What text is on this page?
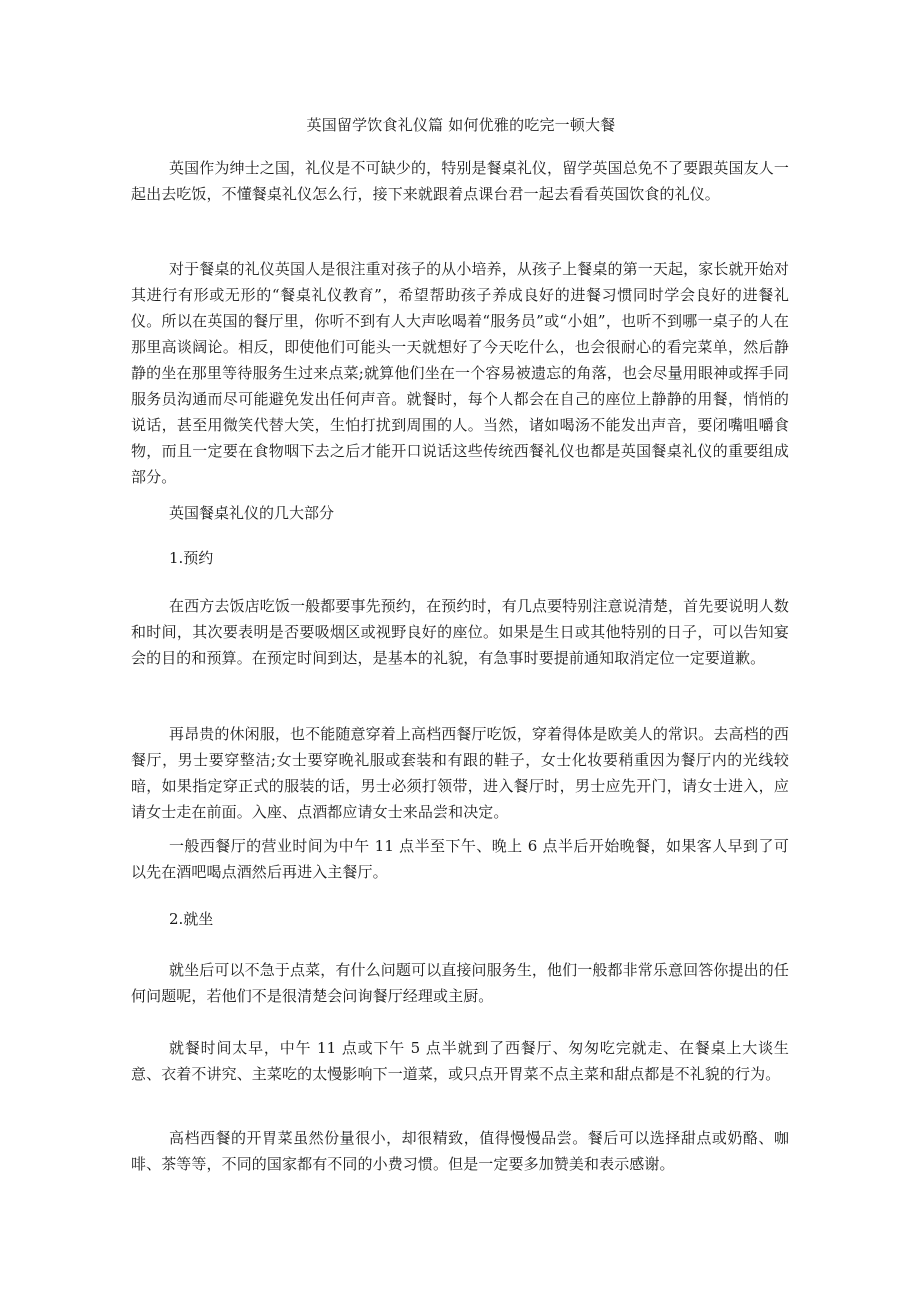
英国留学饮食礼仪篇 如何优雅的吃完一顿大餐

英国作为绅士之国，礼仪是不可缺少的，特别是餐桌礼仪，留学英国总免不了要跟英国友人一起出去吃饭，不懂餐桌礼仪怎么行，接下来就跟着点课台君一起去看看英国饮食的礼仪。

对于餐桌的礼仪英国人是很注重对孩子的从小培养，从孩子上餐桌的第一天起，家长就开始对其进行有形或无形的“餐桌礼仪教育”，希望帮助孩子养成良好的进餐习惯同时学会良好的进餐礼仪。所以在英国的餐厅里，你听不到有人大声吆喝着“服务员”或“小姐”，也听不到哪一桌子的人在那里高谈阔论。相反，即使他们可能头一天就想好了今天吃什么，也会很耐心的看完菜单，然后静静的坐在那里等待服务生过来点菜;就算他们坐在一个容易被遗忘的角落，也会尽量用眼神或挥手同服务员沟通而尽可能避免发出任何声音。就餐时，每个人都会在自己的座位上静静的用餐，悄悄的说话，甚至用微笑代替大笑，生怕打扰到周围的人。当然，诸如喝汤不能发出声音，要闭嘴咀嚼食物，而且一定要在食物咽下去之后才能开口说话这些传统西餐礼仪也都是英国餐桌礼仪的重要组成部分。

英国餐桌礼仪的几大部分

1.预约

在西方去饭店吃饭一般都要事先预约，在预约时，有几点要特别注意说清楚，首先要说明人数和时间，其次要表明是否要吸烟区或视野良好的座位。如果是生日或其他特别的日子，可以告知宴会的目的和预算。在预定时间到达，是基本的礼貌，有急事时要提前通知取消定位一定要道歉。

再昂贵的休闲服，也不能随意穿着上高档西餐厅吃饭，穿着得体是欧美人的常识。去高档的西餐厅，男士要穿整洁;女士要穿晚礼服或套装和有跟的鞋子，女士化妆要稍重因为餐厅内的光线较暗，如果指定穿正式的服装的话，男士必须打领带，进入餐厅时，男士应先开门，请女士进入，应请女士走在前面。入座、点酒都应请女士来品尝和决定。

一般西餐厅的营业时间为中午 11 点半至下午、晚上 6 点半后开始晚餐，如果客人早到了可以先在酒吧喝点酒然后再进入主餐厅。

2.就坐

就坐后可以不急于点菜，有什么问题可以直接问服务生，他们一般都非常乐意回答你提出的任何问题呢，若他们不是很清楚会问询餐厅经理或主厨。

就餐时间太早，中午 11 点或下午 5 点半就到了西餐厅、匆匆吃完就走、在餐桌上大谈生意、衣着不讲究、主菜吃的太慢影响下一道菜，或只点开胃菜不点主菜和甜点都是不礼貌的行为。

高档西餐的开胃菜虽然份量很小，却很精致，值得慢慢品尝。餐后可以选择甜点或奶酪、咖啡、茶等等，不同的国家都有不同的小费习惯。但是一定要多加赞美和表示感谢。
